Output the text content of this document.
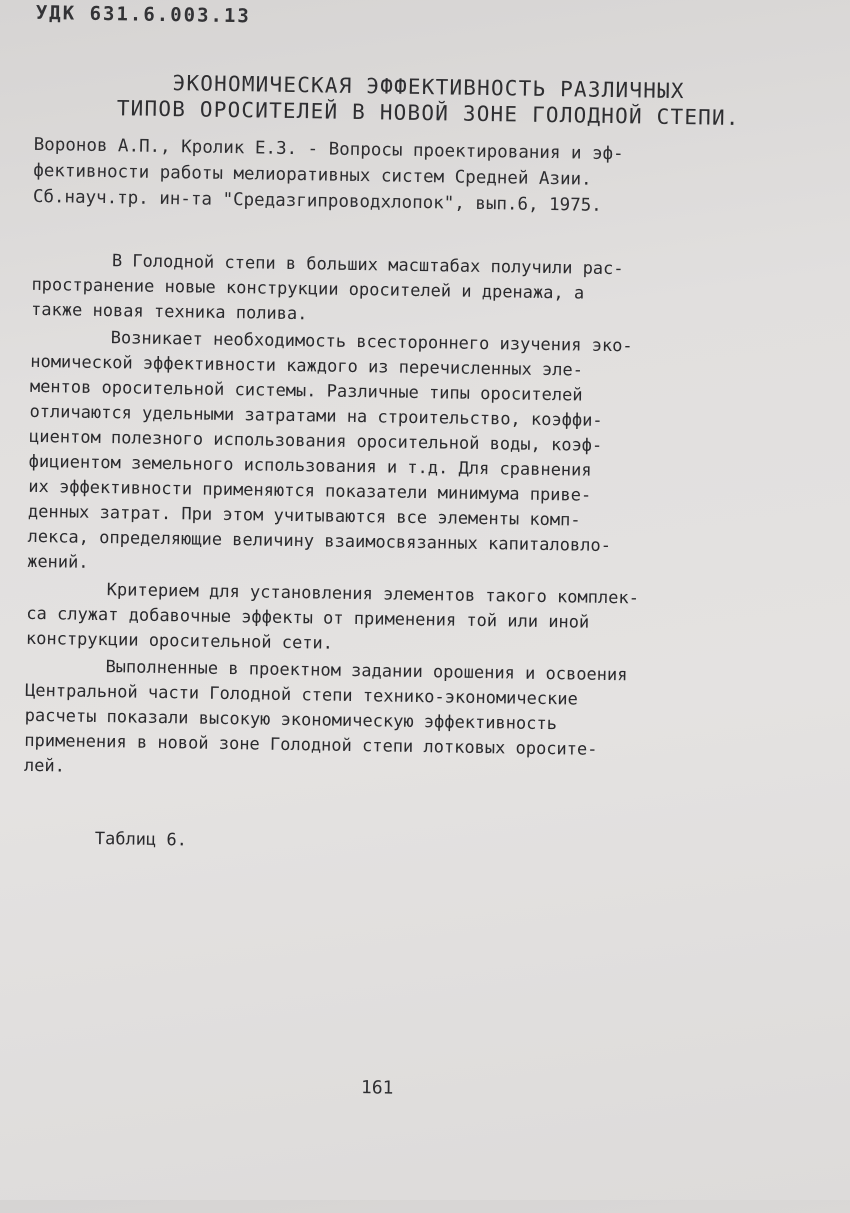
УДК 631.6.003.13
ЭКОНОМИЧЕСКАЯ ЭФФЕКТИВНОСТЬ РАЗЛИЧНЫХ
ТИПОВ ОРОСИТЕЛЕЙ В НОВОЙ ЗОНЕ ГОЛОДНОЙ СТЕПИ.
Воронов А.П., Кролик Е.З. - Вопросы проектирования и эф-
фективности работы мелиоративных систем Средней Азии.
Сб.науч.тр. ин-та "Средазгипроводхлопок", вып.6, 1975.
В Голодной степи в больших масштабах получили рас-
пространение новые конструкции оросителей и дренажа, а
также новая техника полива.
Возникает необходимость всестороннего изучения эко-
номической эффективности каждого из перечисленных эле-
ментов оросительной системы. Различные типы оросителей
отличаются удельными затратами на строительство, коэффи-
циентом полезного использования оросительной воды, коэф-
фициентом земельного использования и т.д. Для сравнения
их эффективности применяются показатели минимума приве-
денных затрат. При этом учитываются все элементы комп-
лекса, определяющие величину взаимосвязанных капиталовло-
жений.
Критерием для установления элементов такого комплек-
са служат добавочные эффекты от применения той или иной
конструкции оросительной сети.
Выполненные в проектном задании орошения и освоения
Центральной части Голодной степи технико-экономические
расчеты показали высокую экономическую эффективность
применения в новой зоне Голодной степи лотковых оросите-
лей.
Таблиц 6.
161
